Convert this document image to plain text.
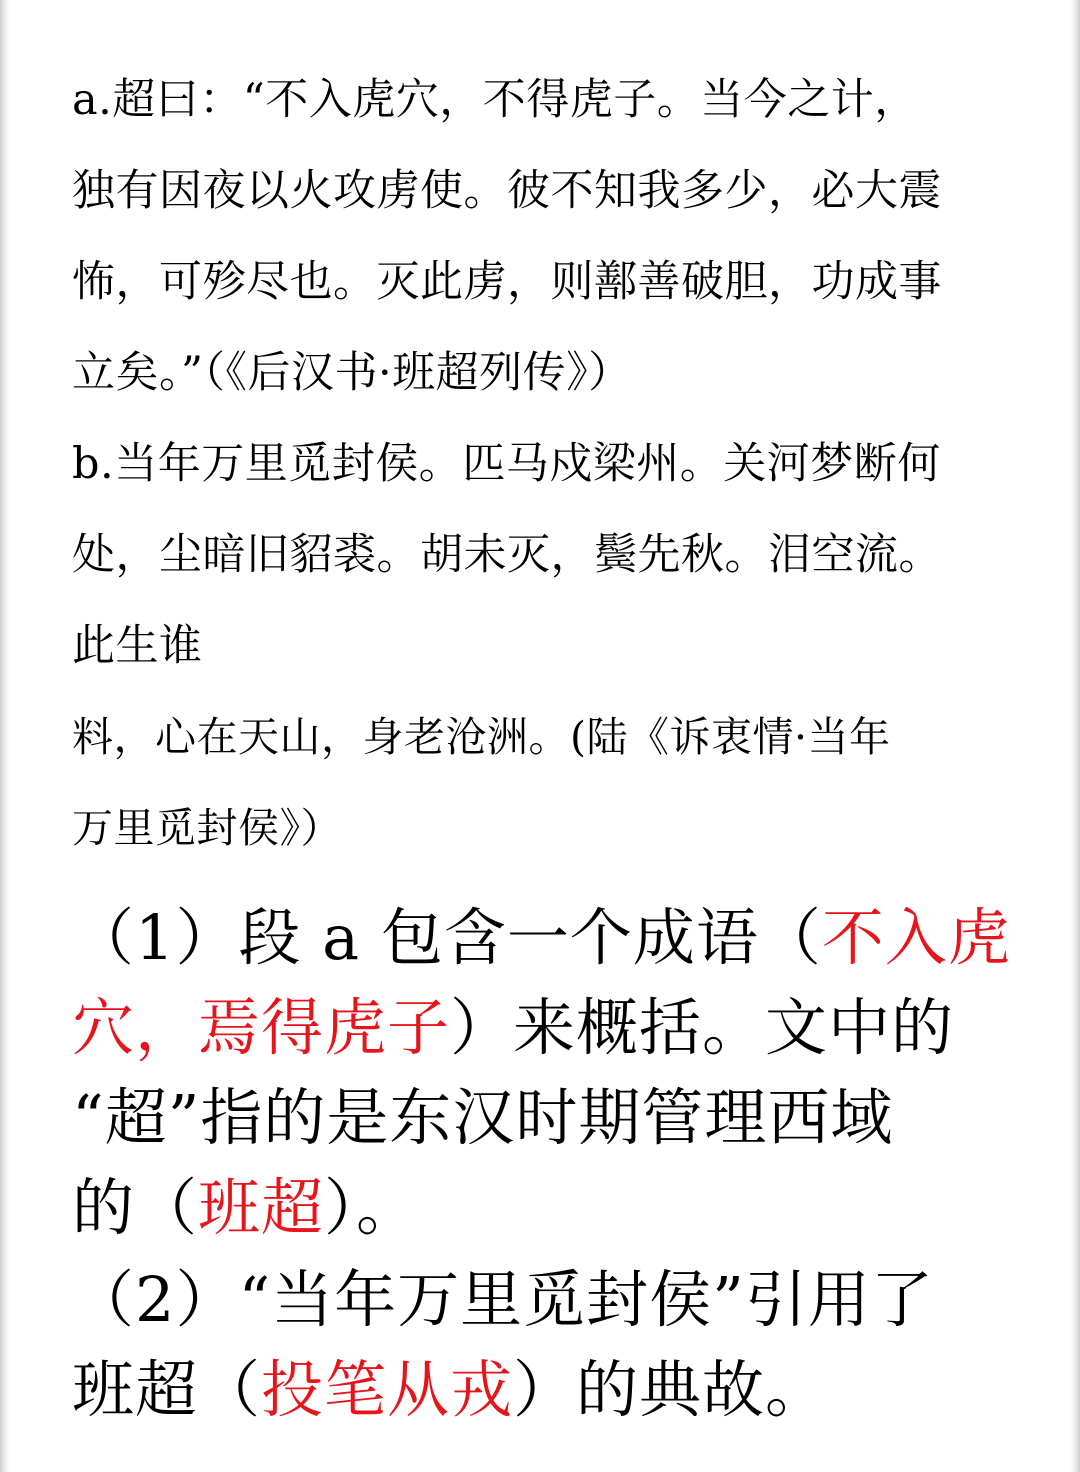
a.超曰：“不入虎穴，不得虎子。当今之计，
独有因夜以火攻虏使。彼不知我多少，必大震
怖，可殄尽也。灭此虏，则鄯善破胆，功成事
立矣。”（《后汉书·班超列传》）
b.当年万里觅封侯。匹马戍梁州。关河梦断何
处，尘暗旧貂裘。胡未灭，鬓先秋。泪空流。
此生谁
料，心在天山，身老沧洲。(陆《诉衷情·当年
万里觅封侯》）
（1）段 a 包含一个成语（不入虎
穴，焉得虎子）来概括。文中的
“超”指的是东汉时期管理西域
的（班超）。
（2）“当年万里觅封侯”引用了
班超（投笔从戎）的典故。
